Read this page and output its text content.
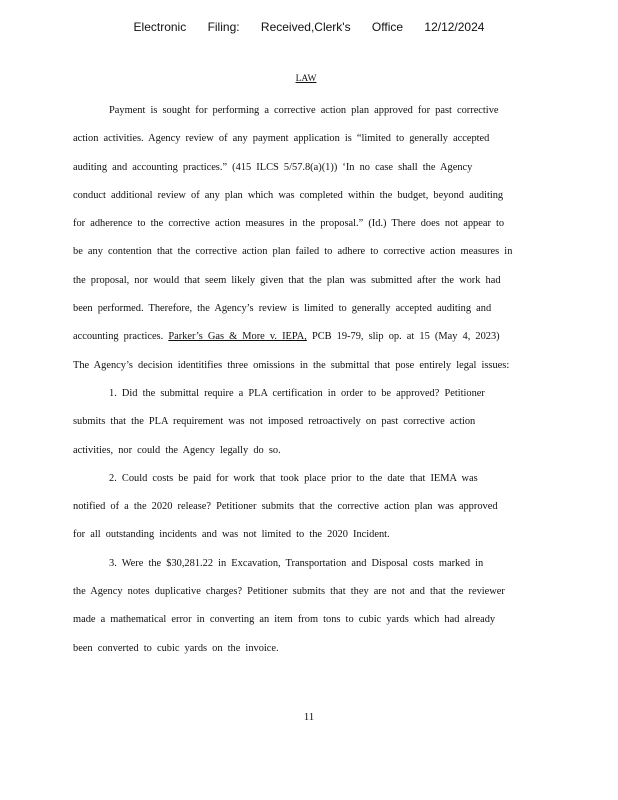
Electronic Filing: Received,Clerk's Office 12/12/2024
LAW
Payment is sought for performing a corrective action plan approved for past corrective
action activities. Agency review of any payment application is “limited to generally accepted
auditing and accounting practices.” (415 ILCS 5/57.8(a)(1)) ‘In no case shall the Agency
conduct additional review of any plan which was completed within the budget, beyond auditing
for adherence to the corrective action measures in the proposal.” (Id.) There does not appear to
be any contention that the corrective action plan failed to adhere to corrective action measures in
the proposal, nor would that seem likely given that the plan was submitted after the work had
been performed. Therefore, the Agency’s review is limited to generally accepted auditing and
accounting practices. Parker’s Gas & More v. IEPA, PCB 19-79, slip op. at 15 (May 4, 2023)
The Agency’s decision identitifies three omissions in the submittal that pose entirely legal issues:
1. Did the submittal require a PLA certification in order to be approved? Petitioner
submits that the PLA requirement was not imposed retroactively on past corrective action
activities, nor could the Agency legally do so.
2. Could costs be paid for work that took place prior to the date that IEMA was
notified of a the 2020 release? Petitioner submits that the corrective action plan was approved
for all outstanding incidents and was not limited to the 2020 Incident.
3. Were the $30,281.22 in Excavation, Transportation and Disposal costs marked in
the Agency notes duplicative charges? Petitioner submits that they are not and that the reviewer
made a mathematical error in converting an item from tons to cubic yards which had already
been converted to cubic yards on the invoice.
11
